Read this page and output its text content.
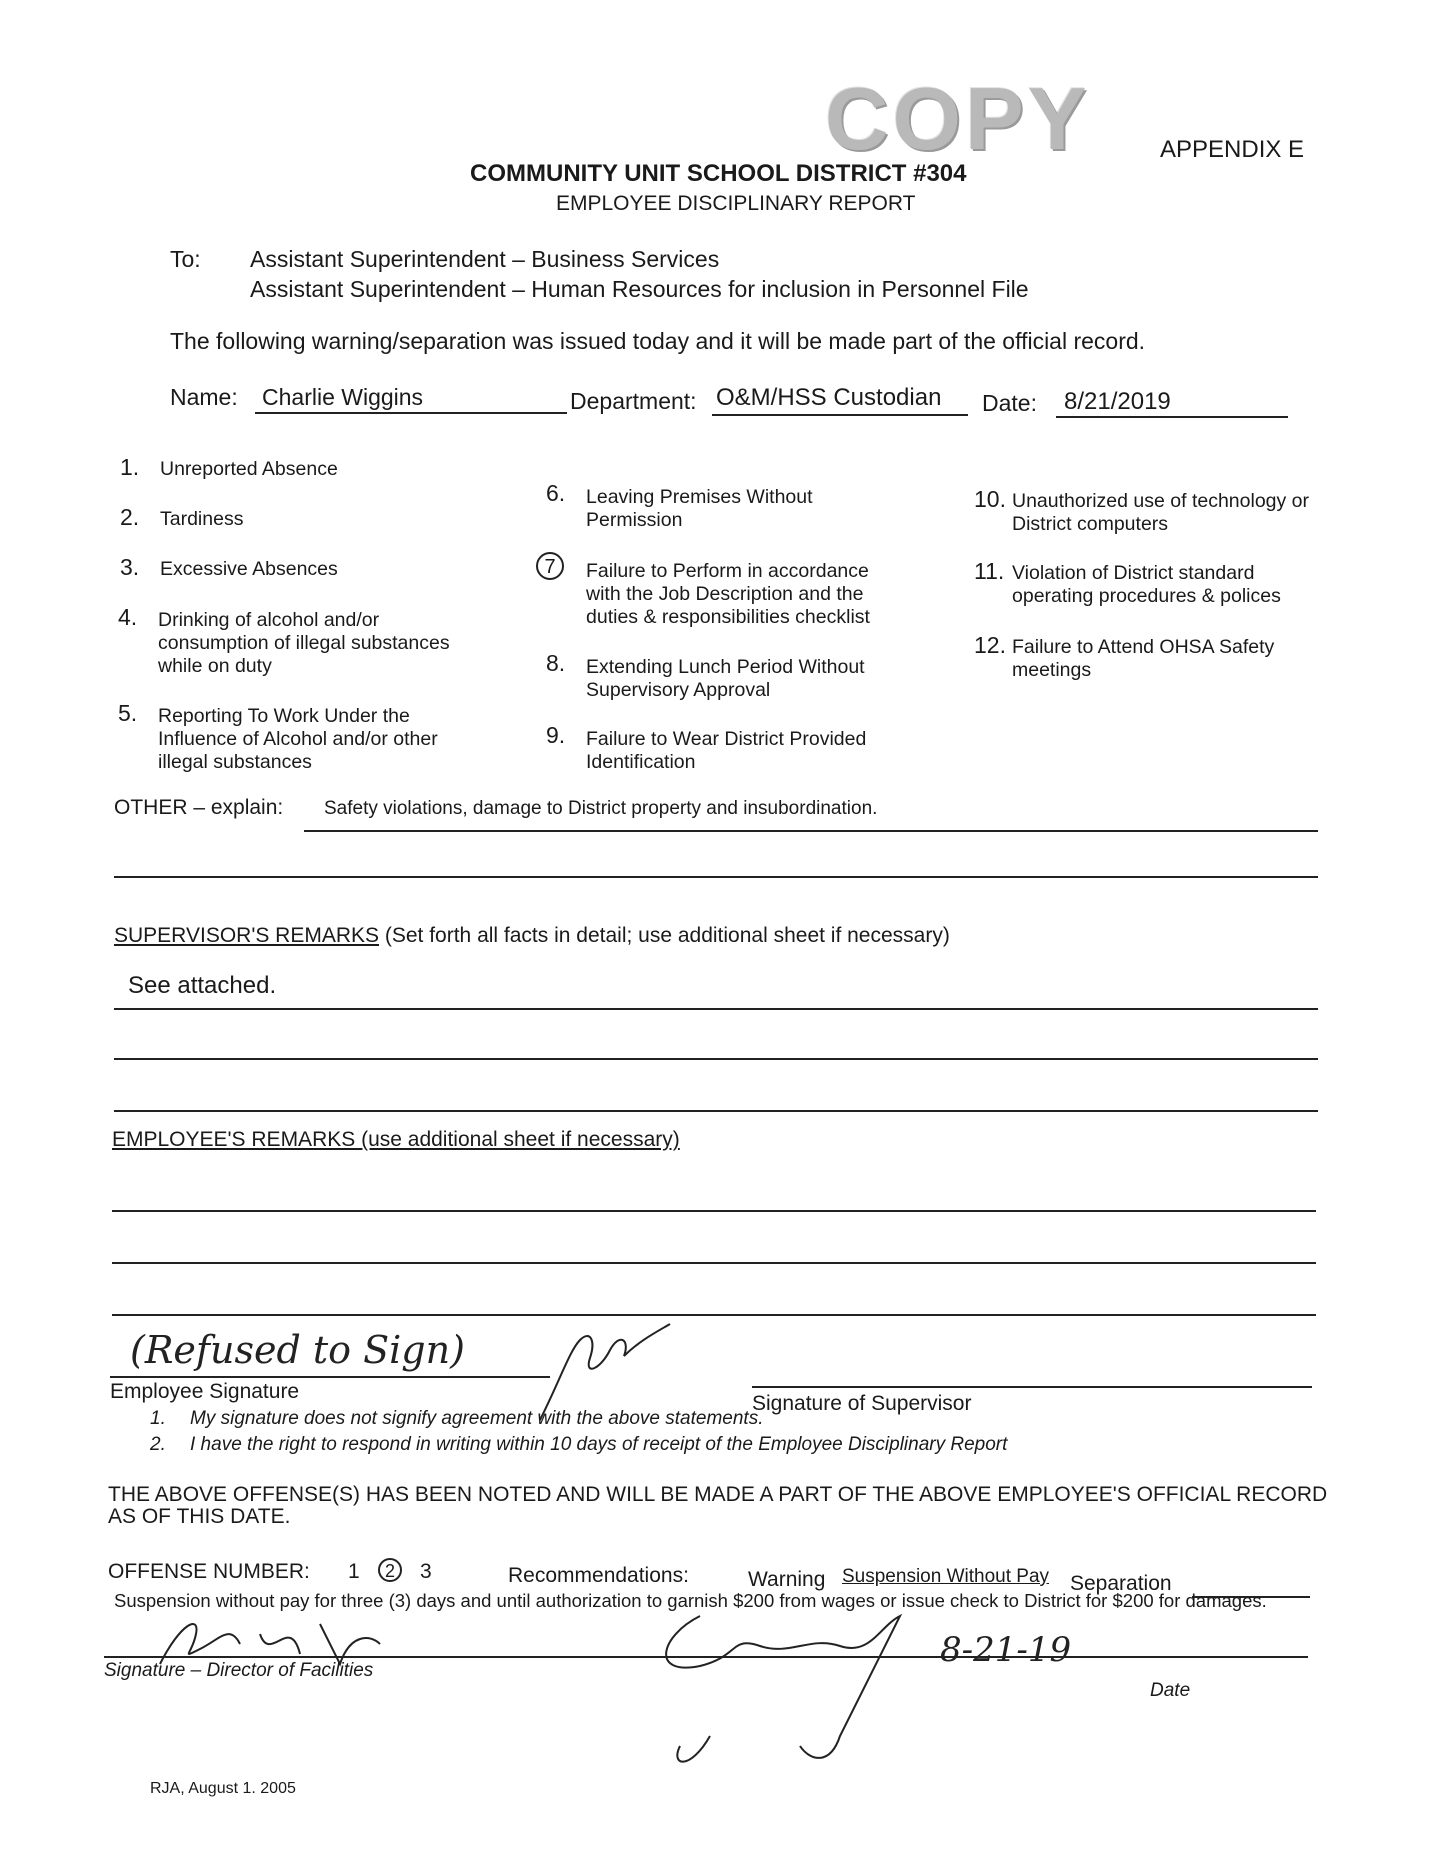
COPY	APPENDIX E
COMMUNITY UNIT SCHOOL DISTRICT #304
EMPLOYEE DISCIPLINARY REPORT
To: Assistant Superintendent – Business Services
Assistant Superintendent – Human Resources for inclusion in Personnel File
The following warning/separation was issued today and it will be made part of the official record.
Name: Charlie Wiggins	Department: O&M/HSS Custodian Date: 8/21/2019
1. Unreported Absence
2. Tardiness
3. Excessive Absences
4. Drinking of alcohol and/or consumption of illegal substances while on duty
5. Reporting To Work Under the Influence of Alcohol and/or other illegal substances
6. Leaving Premises Without Permission
7	Failure to Perform in accordance with the Job Description and the duties & responsibilities checklist
8. Extending Lunch Period Without Supervisory Approval
9. Failure to Wear District Provided Identification
10. Unauthorized use of technology or District computers
11. Violation of District standard operating procedures & polices
12. Failure to Attend OHSA Safety meetings
OTHER – explain: Safety violations, damage to District property and insubordination.
SUPERVISOR'S REMARKS (Set forth all facts in detail; use additional sheet if necessary)
See attached.
EMPLOYEE'S REMARKS (use additional sheet if necessary)
(Refused to Sign)
Employee Signature
Signature of Supervisor
1. My signature does not signify agreement with the above statements.
2. I have the right to respond in writing within 10 days of receipt of the Employee Disciplinary Report
THE ABOVE OFFENSE(S) HAS BEEN NOTED AND WILL BE MADE A PART OF THE ABOVE EMPLOYEE'S OFFICIAL RECORD AS OF THIS DATE.
OFFENSE NUMBER: 1	2	3	Recommendations:	Warning Suspension Without Pay Separation
Suspension without pay for three (3) days and until authorization to garnish $200 from wages or issue check to District for $200 for damages.
8-21-19
Signature – Director of Facilities
Date
RJA, August 1. 2005
